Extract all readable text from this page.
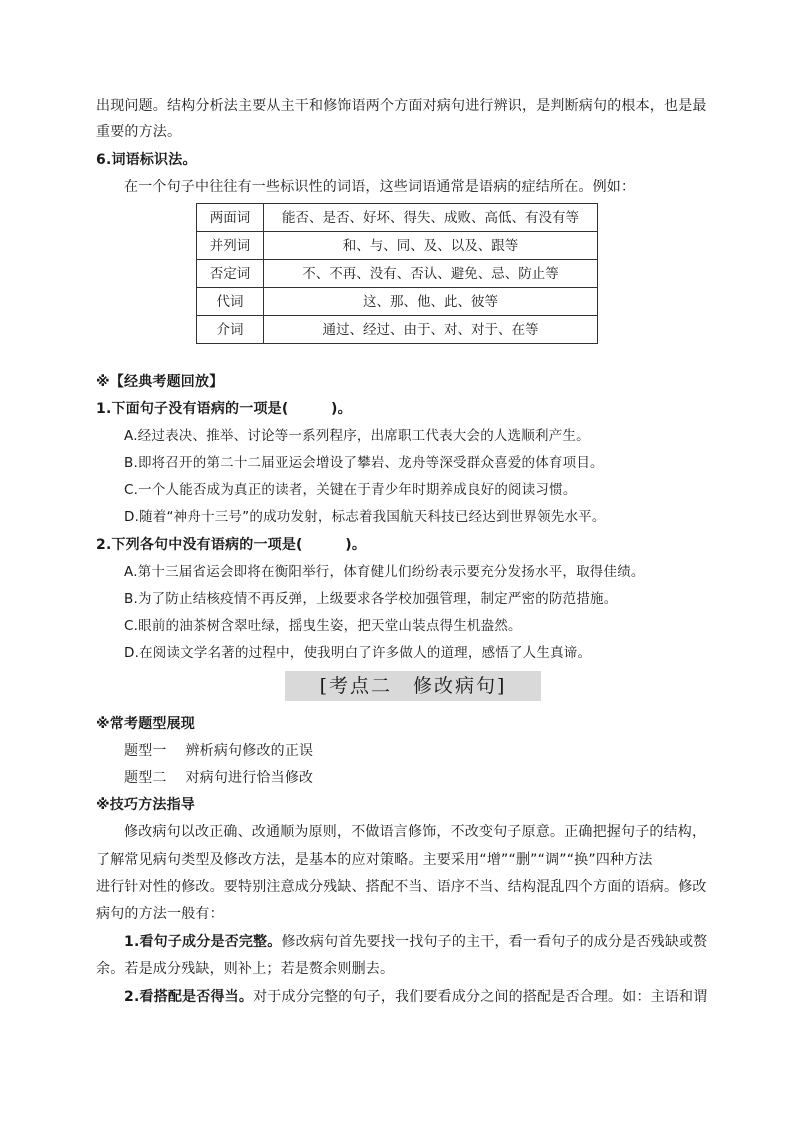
出现问题。结构分析法主要从主干和修饰语两个方面对病句进行辨识，是判断病句的根本，也是最
重要的方法。
6.词语标识法。
在一个句子中往往有一些标识性的词语，这些词语通常是语病的症结所在。例如：
两面词	能否、是否、好坏、得失、成败、高低、有没有等
并列词	和、与、同、及、以及、跟等
否定词	不、不再、没有、否认、避免、忌、防止等
代词	这、那、他、此、彼等
介词	通过、经过、由于、对、对于、在等
※【经典考题回放】
1.下面句子没有语病的一项是(　　　)。
A.经过表决、推举、讨论等一系列程序，出席职工代表大会的人选顺利产生。
B.即将召开的第二十二届亚运会增设了攀岩、龙舟等深受群众喜爱的体育项目。
C.一个人能否成为真正的读者，关键在于青少年时期养成良好的阅读习惯。
D.随着“神舟十三号”的成功发射，标志着我国航天科技已经达到世界领先水平。
2.下列各句中没有语病的一项是(　　　)。
A.第十三届省运会即将在衡阳举行，体育健儿们纷纷表示要充分发扬水平，取得佳绩。
B.为了防止结核疫情不再反弹，上级要求各学校加强管理，制定严密的防范措施。
C.眼前的油茶树含翠吐绿，摇曳生姿，把天堂山装点得生机盎然。
D.在阅读文学名著的过程中，使我明白了许多做人的道理，感悟了人生真谛。
[考点二　修改病句]
※常考题型展现
题型一　 辨析病句修改的正误
题型二　 对病句进行恰当修改
※技巧方法指导
修改病句以改正确、改通顺为原则，不做语言修饰，不改变句子原意。正确把握句子的结构，
了解常见病句类型及修改方法，是基本的应对策略。主要采用“增”“删”“调”“换”四种方法
进行针对性的修改。要特别注意成分残缺、搭配不当、语序不当、结构混乱四个方面的语病。修改
病句的方法一般有：
1.看句子成分是否完整。修改病句首先要找一找句子的主干，看一看句子的成分是否残缺或赘
余。若是成分残缺，则补上；若是赘余则删去。
2.看搭配是否得当。对于成分完整的句子，我们要看成分之间的搭配是否合理。如：主语和谓
